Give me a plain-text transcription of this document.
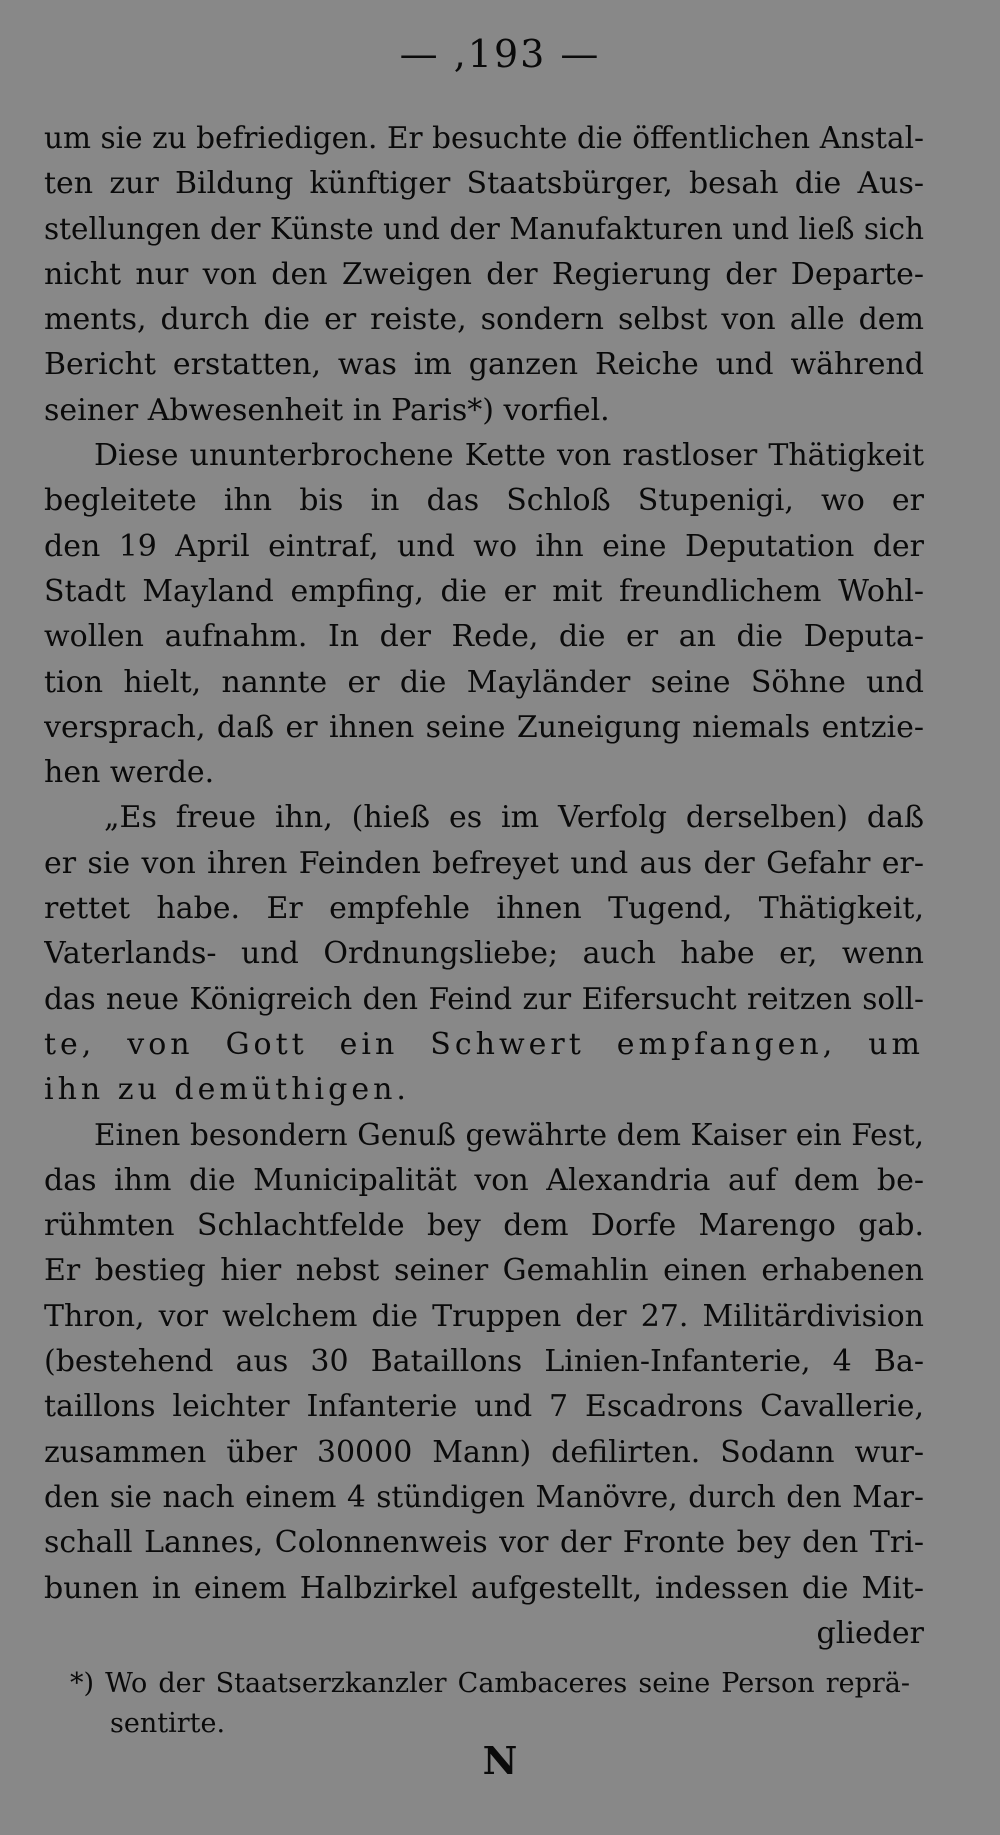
— ,193 —
um sie zu befriedigen. Er besuchte die öffentlichen Anstal-
ten zur Bildung künftiger Staatsbürger, besah die Aus-
stellungen der Künste und der Manufakturen und ließ sich
nicht nur von den Zweigen der Regierung der Departe-
ments, durch die er reiste, sondern selbst von alle dem
Bericht erstatten, was im ganzen Reiche und während
seiner Abwesenheit in Paris*) vorfiel.
Diese ununterbrochene Kette von rastloser Thätigkeit
begleitete ihn bis in das Schloß Stupenigi, wo er
den 19 April eintraf, und wo ihn eine Deputation der
Stadt Mayland empfing, die er mit freundlichem Wohl-
wollen aufnahm. In der Rede, die er an die Deputa-
tion hielt, nannte er die Mayländer seine Söhne und
versprach, daß er ihnen seine Zuneigung niemals entzie-
hen werde.
„Es freue ihn, (hieß es im Verfolg derselben) daß
er sie von ihren Feinden befreyet und aus der Gefahr er-
rettet habe. Er empfehle ihnen Tugend, Thätigkeit,
Vaterlands- und Ordnungsliebe; auch habe er, wenn
das neue Königreich den Feind zur Eifersucht reitzen soll-
te, von Gott ein Schwert empfangen, um
ihn zu demüthigen.
Einen besondern Genuß gewährte dem Kaiser ein Fest,
das ihm die Municipalität von Alexandria auf dem be-
rühmten Schlachtfelde bey dem Dorfe Marengo gab.
Er bestieg hier nebst seiner Gemahlin einen erhabenen
Thron, vor welchem die Truppen der 27. Militärdivision
(bestehend aus 30 Bataillons Linien-Infanterie, 4 Ba-
taillons leichter Infanterie und 7 Escadrons Cavallerie,
zusammen über 30000 Mann) defilirten. Sodann wur-
den sie nach einem 4 stündigen Manövre, durch den Mar-
schall Lannes, Colonnenweis vor der Fronte bey den Tri-
bunen in einem Halbzirkel aufgestellt, indessen die Mit-
glieder
*) Wo der Staatserzkanzler Cambaceres seine Person reprä-
sentirte.
N
